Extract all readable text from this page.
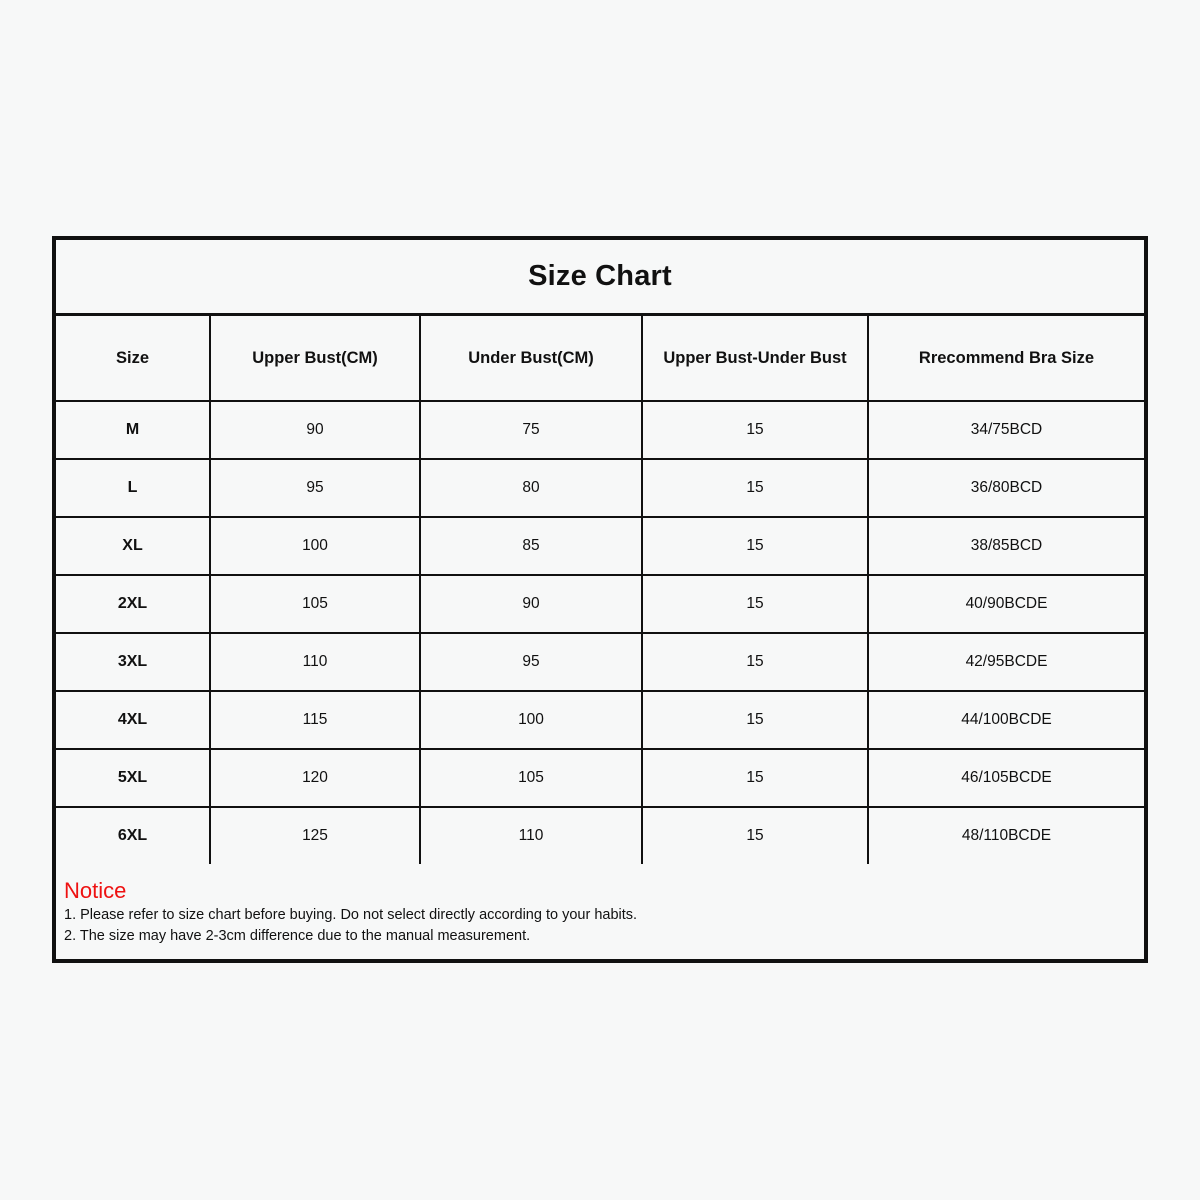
Size Chart
Size	Upper Bust(CM)	Under Bust(CM)	Upper Bust-Under Bust	Rrecommend Bra Size
M	90	75	15	34/75BCD
L	95	80	15	36/80BCD
XL	100	85	15	38/85BCD
2XL	105	90	15	40/90BCDE
3XL	110	95	15	42/95BCDE
4XL	115	100	15	44/100BCDE
5XL	120	105	15	46/105BCDE
6XL	125	110	15	48/110BCDE
Notice
1. Please refer to size chart before buying. Do not select directly according to your habits.
2. The size may have 2-3cm difference due to the manual measurement.
